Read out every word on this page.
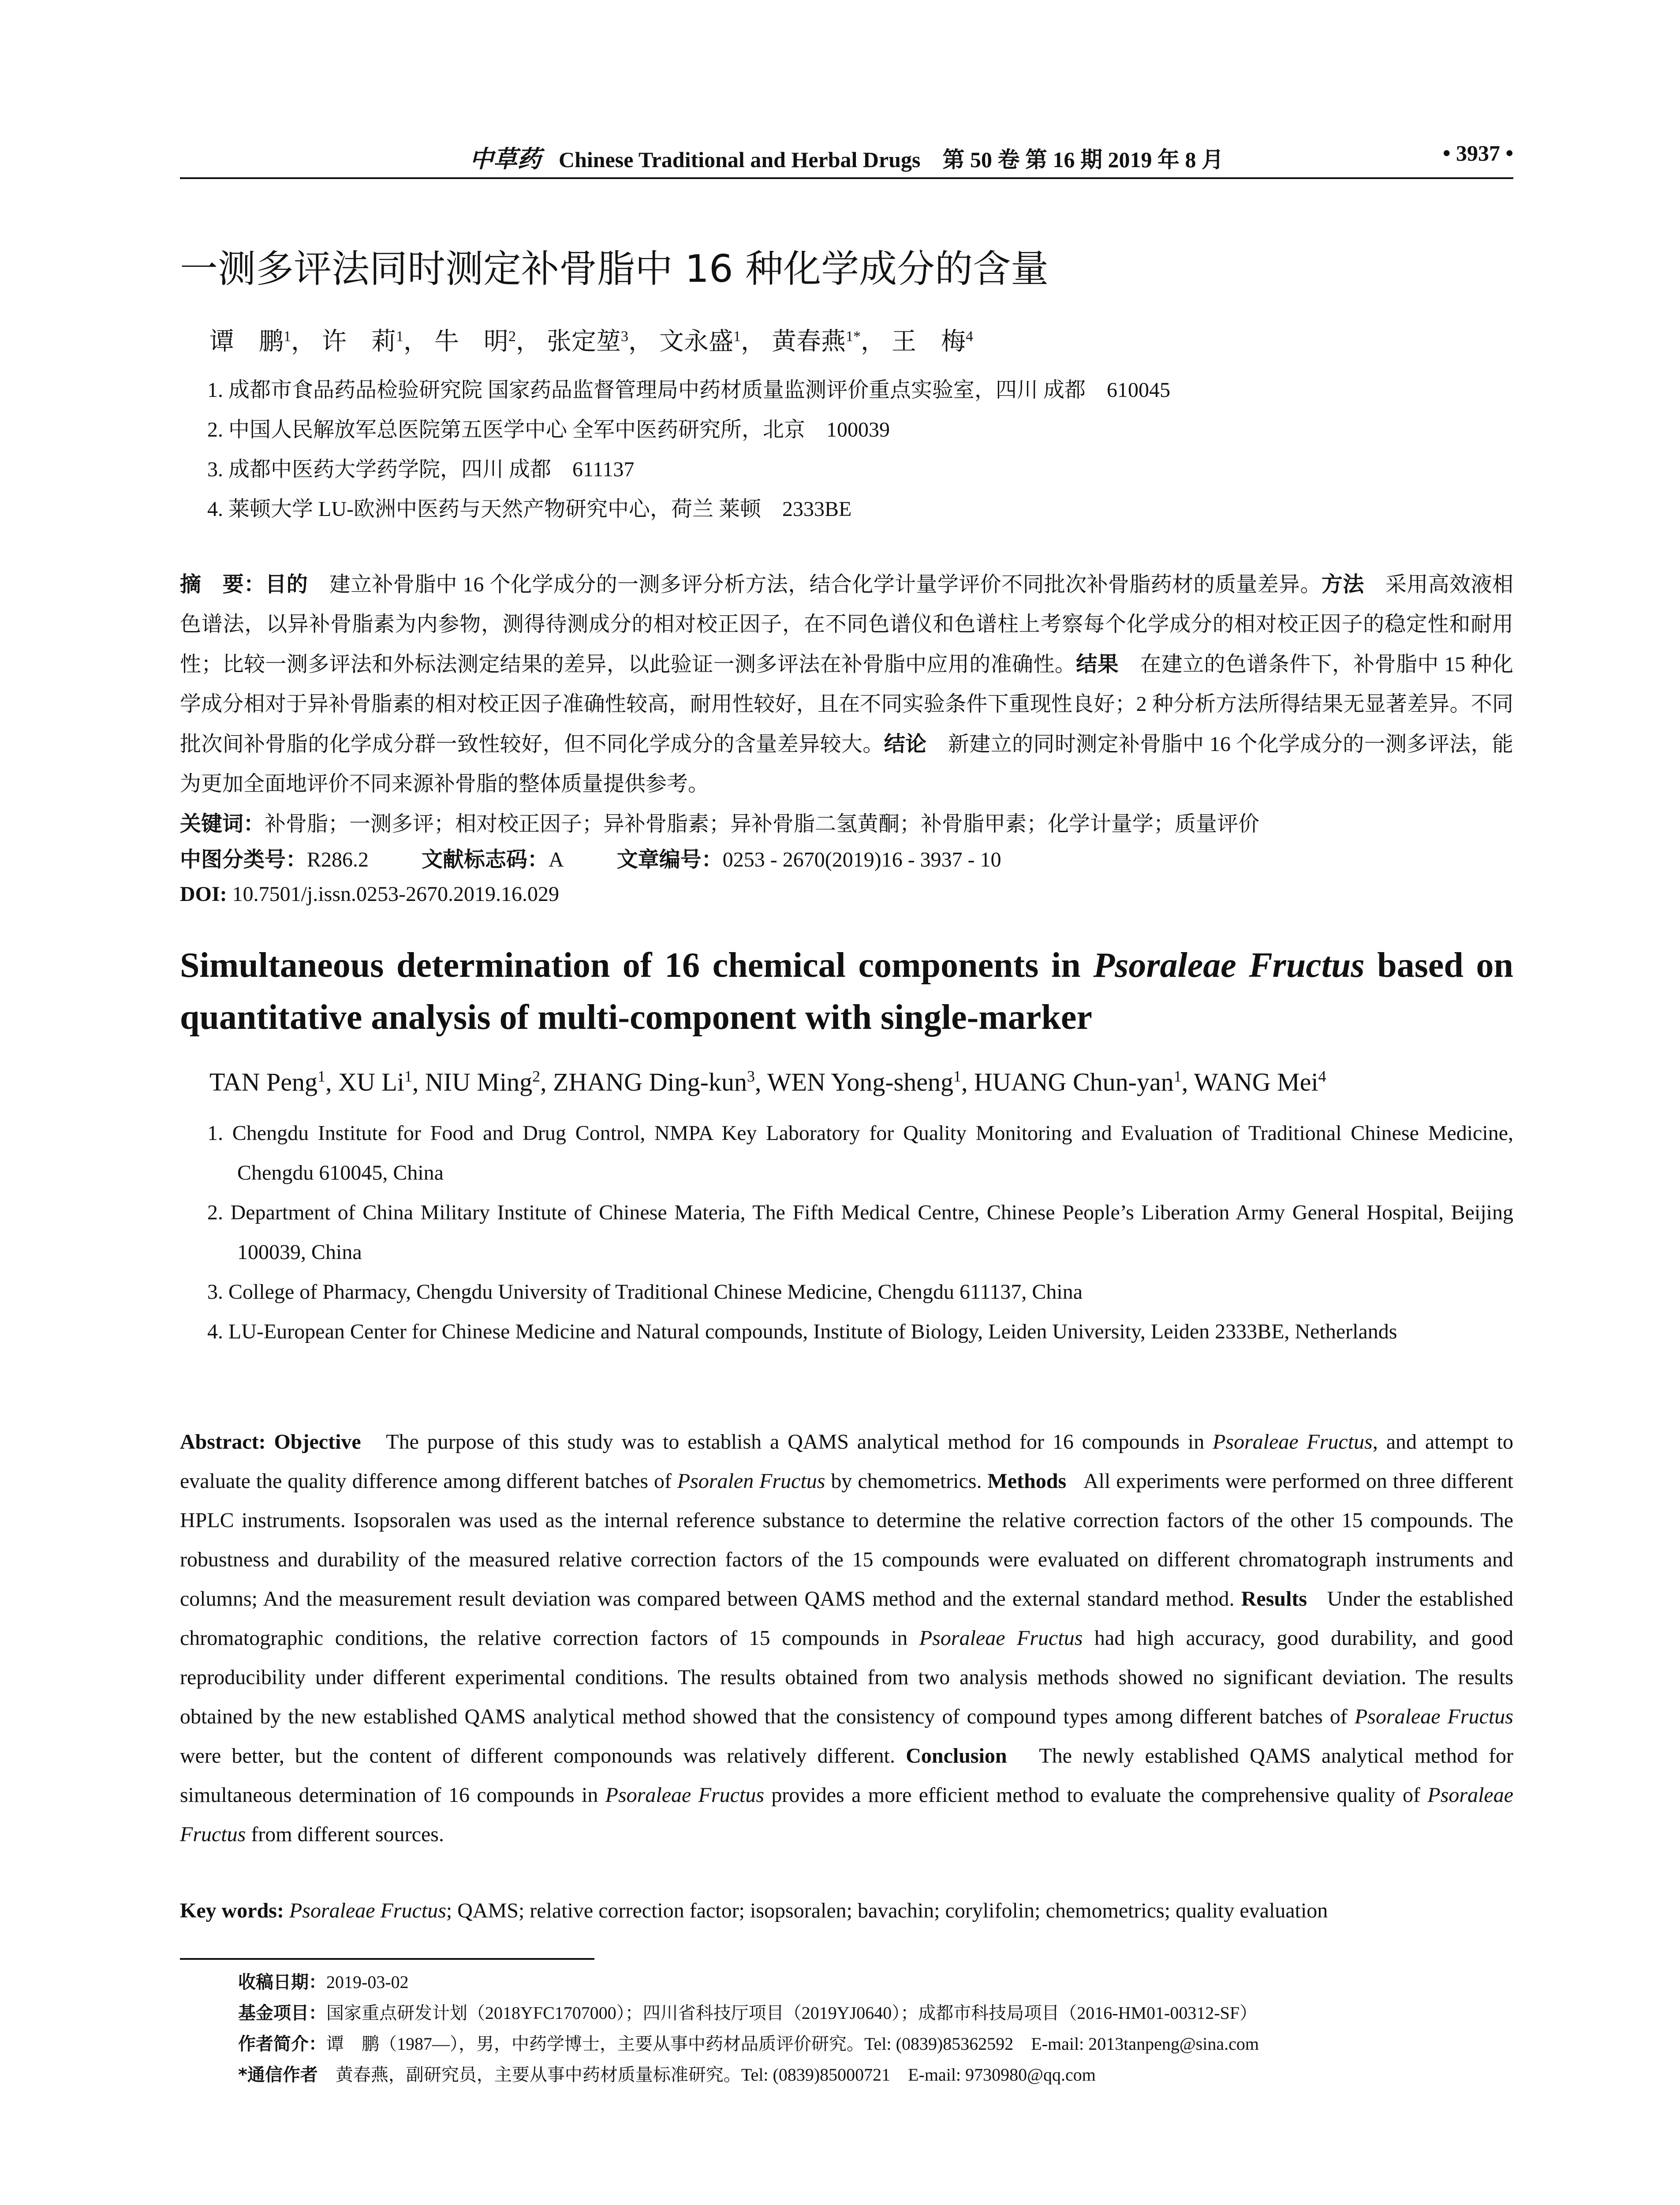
中草药 Chinese Traditional and Herbal Drugs 第 50 卷 第 16 期 2019 年 8 月	• 3937 •
一测多评法同时测定补骨脂中 16 种化学成分的含量
谭　鹏$^1$， 许　莉$^1$， 牛　明$^2$， 张定堃$^3$， 文永盛$^1$， 黄春燕$^{1*}$， 王　梅$^4$
1. 成都市食品药品检验研究院 国家药品监督管理局中药材质量监测评价重点实验室，四川 成都　610045
2. 中国人民解放军总医院第五医学中心 全军中医药研究所，北京　100039
3. 成都中医药大学药学院，四川 成都　611137
4. 莱顿大学 LU-欧洲中医药与天然产物研究中心，荷兰 莱顿　2333BE
摘　要：目的　 建立补骨脂中 16 个化学成分的一测多评分析方法，结合化学计量学评价不同批次补骨脂药材的质量差异。方法　 采用高效液相色谱法，以异补骨脂素为内参物，测得待测成分的相对校正因子，在不同色谱仪和色谱柱上考察每个化学成分的相对校正因子的稳定性和耐用性；比较一测多评法和外标法测定结果的差异，以此验证一测多评法在补骨脂中应用的准确性。结果　 在建立的色谱条件下，补骨脂中 15 种化学成分相对于异补骨脂素的相对校正因子准确性较高，耐用性较好，且在不同实验条件下重现性良好；2 种分析方法所得结果无显著差异。不同批次间补骨脂的化学成分群一致性较好，但不同化学成分的含量差异较大。结论　 新建立的同时测定补骨脂中 16 个化学成分的一测多评法，能为更加全面地评价不同来源补骨脂的整体质量提供参考。
关键词：补骨脂；一测多评；相对校正因子；异补骨脂素；异补骨脂二氢黄酮；补骨脂甲素；化学计量学；质量评价
中图分类号：R286.2	文献标志码：A	文章编号：0253 - 2670(2019)16 - 3937 - 10
DOI: 10.7501/j.issn.0253-2670.2019.16.029
Simultaneous determination of 16 chemical components in Psoraleae Fructus based on quantitative analysis of multi-component with single-marker
TAN Peng$^1$, XU Li$^1$, NIU Ming$^2$, ZHANG Ding-kun$^3$, WEN Yong-sheng$^1$, HUANG Chun-yan$^1$, WANG Mei$^4$
1. Chengdu Institute for Food and Drug Control, NMPA Key Laboratory for Quality Monitoring and Evaluation of Traditional Chinese Medicine, Chengdu 610045, China
2. Department of China Military Institute of Chinese Materia, The Fifth Medical Centre, Chinese People’s Liberation Army General Hospital, Beijing 100039, China
3. College of Pharmacy, Chengdu University of Traditional Chinese Medicine, Chengdu 611137, China
4. LU-European Center for Chinese Medicine and Natural compounds, Institute of Biology, Leiden University, Leiden 2333BE, Netherlands
Abstract: Objective The purpose of this study was to establish a QAMS analytical method for 16 compounds in Psoraleae Fructus, and attempt to evaluate the quality difference among different batches of Psoralen Fructus by chemometrics. Methods All experiments were performed on three different HPLC instruments. Isopsoralen was used as the internal reference substance to determine the relative correction factors of the other 15 compounds. The robustness and durability of the measured relative correction factors of the 15 compounds were evaluated on different chromatograph instruments and columns; And the measurement result deviation was compared between QAMS method and the external standard method. Results Under the established chromatographic conditions, the relative correction factors of 15 compounds in Psoraleae Fructus had high accuracy, good durability, and good reproducibility under different experimental conditions. The results obtained from two analysis methods showed no significant deviation. The results obtained by the new established QAMS analytical method showed that the consistency of compound types among different batches of Psoraleae Fructus were better, but the content of different componounds was relatively different. Conclusion The newly established QAMS analytical method for simultaneous determination of 16 compounds in Psoraleae Fructus provides a more efficient method to evaluate the comprehensive quality of Psoraleae Fructus from different sources.
Key words: Psoraleae Fructus; QAMS; relative correction factor; isopsoralen; bavachin; corylifolin; chemometrics; quality evaluation
收稿日期：2019-03-02
基金项目：国家重点研发计划（2018YFC1707000）；四川省科技厅项目（2019YJ0640）；成都市科技局项目（2016-HM01-00312-SF）
作者简介：谭　鹏（1987—），男，中药学博士，主要从事中药材品质评价研究。Tel: (0839)85362592　E-mail: 2013tanpeng@sina.com
*通信作者　黄春燕，副研究员，主要从事中药材质量标准研究。Tel: (0839)85000721　E-mail: 9730980@qq.com
